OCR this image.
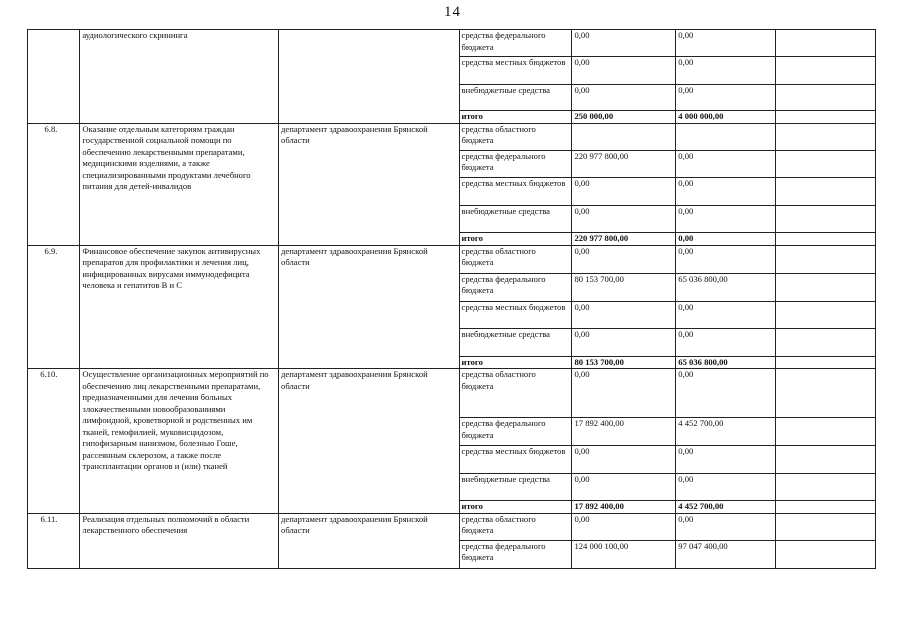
14
	аудиологического скрининга		средства федерального бюджета	0,00	0,00	
			средства местных бюджетов	0,00	0,00	
			внебюджетные средства	0,00	0,00	
			итого	250 000,00	4 000 000,00	
6.8.	Оказание отдельным категориям граждан государственной социальной помощи по обеспечению лекарственными препаратами, медицинскими изделиями, а также специализированными продуктами лечебного питания для детей-инвалидов	департамент здравоохранения Брянской области	средства областного бюджета			
			средства федерального бюджета	220 977 800,00	0,00	
			средства местных бюджетов	0,00	0,00	
			внебюджетные средства	0,00	0,00	
			итого	220 977 800,00	0,00	
6.9.	Финансовое обеспечение закупок антивирусных препаратов для профилактики и лечения лиц, инфицированных вирусами иммунодефицита человека и гепатитов В и С	департамент здравоохранения Брянской области	средства областного бюджета	0,00	0,00	
			средства федерального бюджета	80 153 700,00	65 036 800,00	
			средства местных бюджетов	0,00	0,00	
			внебюджетные средства	0,00	0,00	
			итого	80 153 700,00	65 036 800,00	
6.10.	Осуществление организационных мероприятий по обеспечению лиц лекарственными препаратами, предназначенными для лечения больных злокачественными новообразованиями лимфоидной, кроветворной и родственных им тканей, гемофилией, муковисцидозом, гипофизарным нанизмом, болезнью Гоше, рассеянным склерозом, а также после трансплантации органов и (или) тканей	департамент здравоохранения Брянской области	средства областного бюджета	0,00	0,00	
			средства федерального бюджета	17 892 400,00	4 452 700,00	
			средства местных бюджетов	0,00	0,00	
			внебюджетные средства	0,00	0,00	
			итого	17 892 400,00	4 452 700,00	
6.11.	Реализация отдельных полномочий в области лекарственного обеспечения	департамент здравоохранения Брянской области	средства областного бюджета	0,00	0,00	
			средства федерального бюджета	124 000 100,00	97 047 400,00	
